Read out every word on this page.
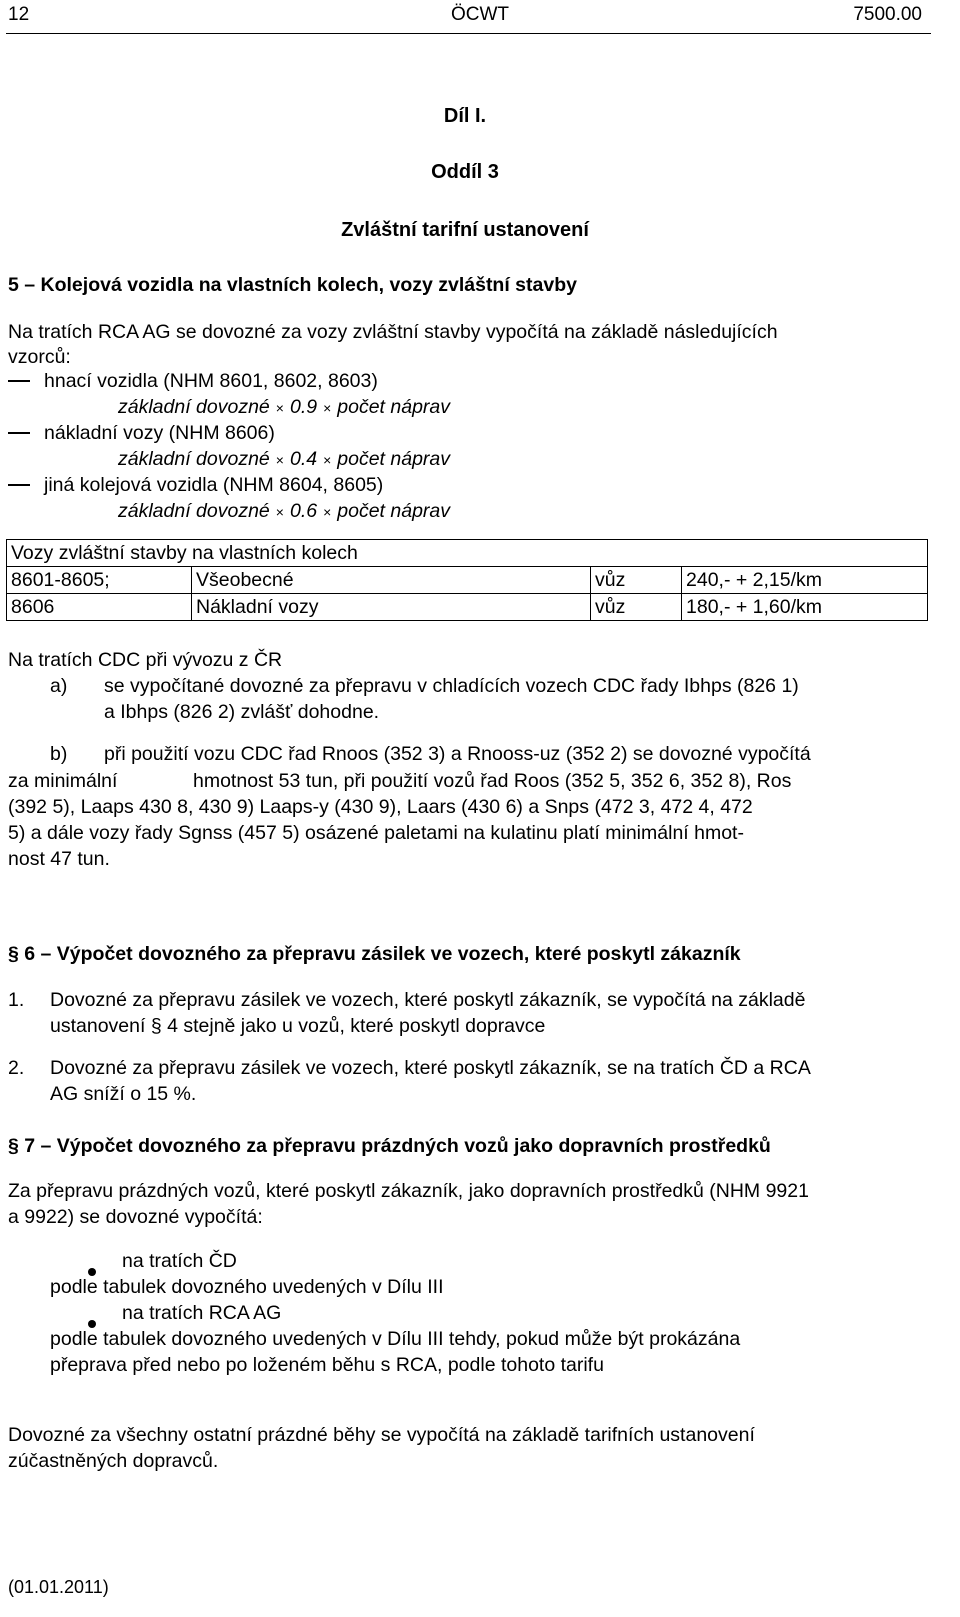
12	ÖCWT	7500.00
Díl I.
Oddíl 3
Zvláštní tarifní ustanovení
5 – Kolejová vozidla na vlastních kolech, vozy zvláštní stavby
Na tratích RCA AG se dovozné za vozy zvláštní stavby vypočítá na základě následujících
vzorců:
hnací vozidla (NHM 8601, 8602, 8603)
základní dovozné × 0.9 × počet náprav
nákladní vozy (NHM 8606)
základní dovozné × 0.4 × počet náprav
jiná kolejová vozidla (NHM 8604, 8605)
základní dovozné × 0.6 × počet náprav
Vozy zvláštní stavby na vlastních kolech			
8601-8605;	Všeobecné	vůz	240,- + 2,15/km
8606	Nákladní vozy	vůz	180,- + 1,60/km
Na tratích CDC při vývozu z ČR
a) se vypočítané dovozné za přepravu v chladících vozech CDC řady Ibhps (826 1)
a Ibhps (826 2) zvlášť dohodne.
b) při použití vozu CDC řad Rnoos (352 3) a Rnooss-uz (352 2) se dovozné vypočítá
za minimální	hmotnost 53 tun, při použití vozů řad Roos (352 5, 352 6, 352 8), Ros
(392 5), Laaps 430 8, 430 9) Laaps-y (430 9), Laars (430 6) a Snps (472 3, 472 4, 472
5) a dále vozy řady Sgnss (457 5) osázené paletami na kulatinu platí minimální hmot-
nost 47 tun.
§ 6 – Výpočet dovozného za přepravu zásilek ve vozech, které poskytl zákazník
1. Dovozné za přepravu zásilek ve vozech, které poskytl zákazník, se vypočítá na základě
ustanovení § 4 stejně jako u vozů, které poskytl dopravce
2. Dovozné za přepravu zásilek ve vozech, které poskytl zákazník, se na tratích ČD a RCA
AG sníží o 15 %.
§ 7 – Výpočet dovozného za přepravu prázdných vozů jako dopravních prostředků
Za přepravu prázdných vozů, které poskytl zákazník, jako dopravních prostředků (NHM 9921
a 9922) se dovozné vypočítá:
na tratích ČD
podle tabulek dovozného uvedených v Dílu III
na tratích RCA AG
podle tabulek dovozného uvedených v Dílu III tehdy, pokud může být prokázána
přeprava před nebo po loženém běhu s RCA, podle tohoto tarifu
Dovozné za všechny ostatní prázdné běhy se vypočítá na základě tarifních ustanovení
zúčastněných dopravců.
(01.01.2011)
